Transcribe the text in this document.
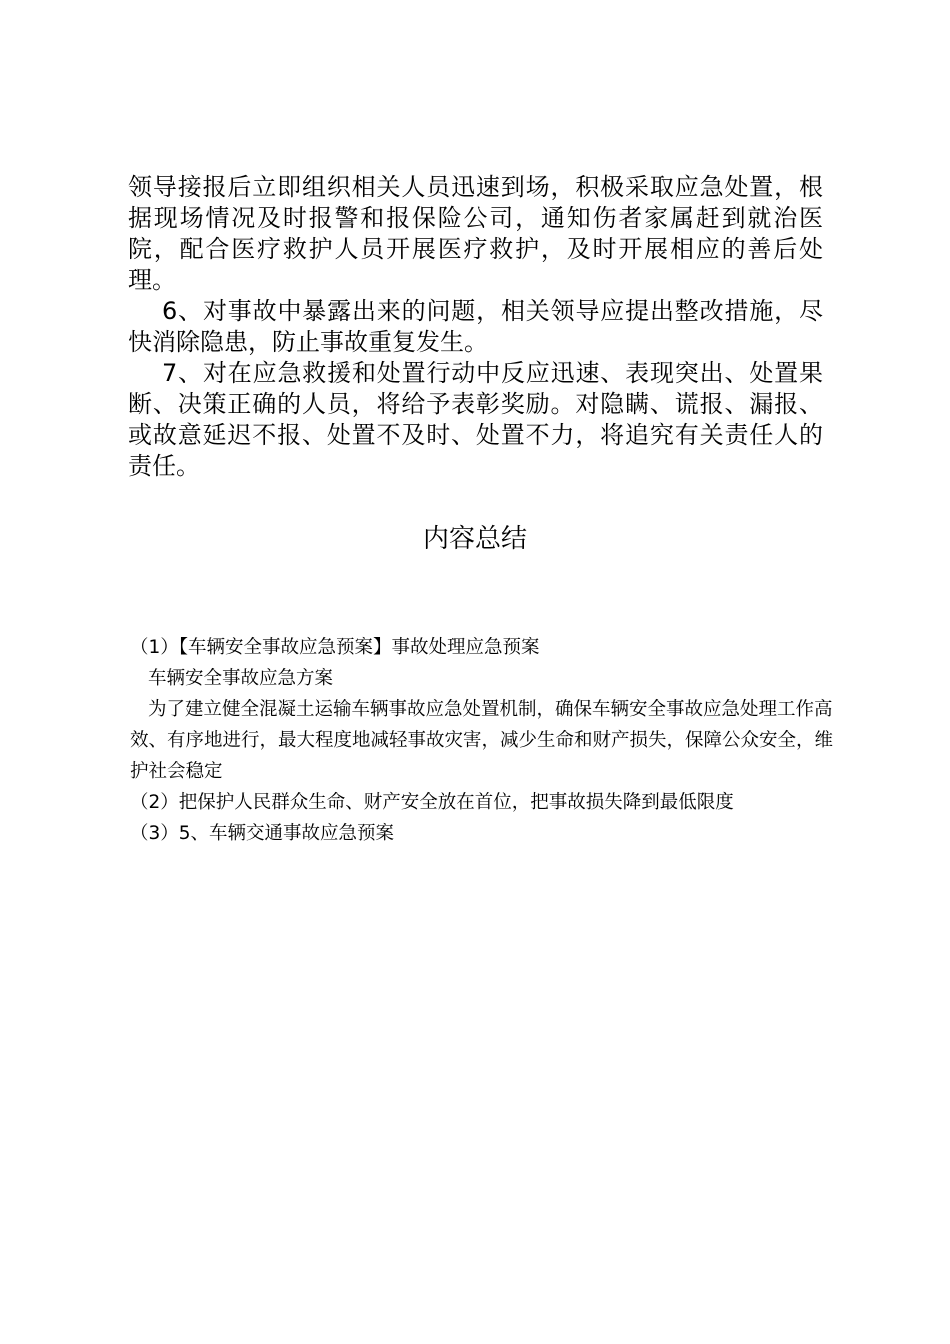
领导接报后立即组织相关人员迅速到场，积极采取应急处置，根据现场情况及时报警和报保险公司，通知伤者家属赶到就治医院，配合医疗救护人员开展医疗救护，及时开展相应的善后处理。

6、对事故中暴露出来的问题，相关领导应提出整改措施，尽快消除隐患，防止事故重复发生。

7、对在应急救援和处置行动中反应迅速、表现突出、处置果断、决策正确的人员，将给予表彰奖励。对隐瞒、谎报、漏报、或故意延迟不报、处置不及时、处置不力，将追究有关责任人的责任。

内容总结

（1）【车辆安全事故应急预案】事故处理应急预案

车辆安全事故应急方案

为了建立健全混凝土运输车辆事故应急处置机制，确保车辆安全事故应急处理工作高效、有序地进行，最大程度地减轻事故灾害，减少生命和财产损失，保障公众安全，维护社会稳定

（2）把保护人民群众生命、财产安全放在首位，把事故损失降到最低限度

（3）5、车辆交通事故应急预案
